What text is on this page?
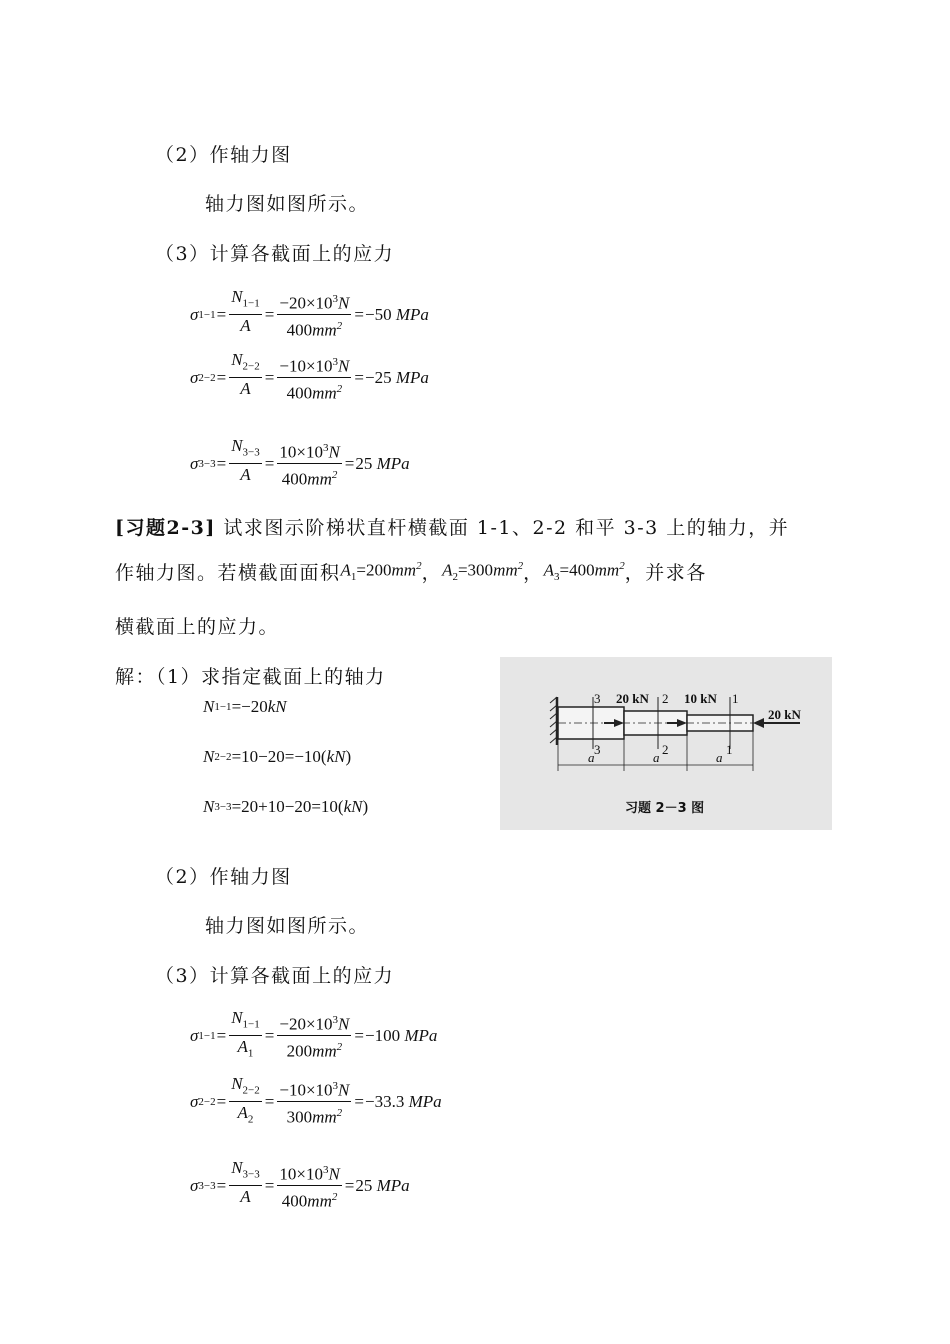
（2）作轴力图
轴力图如图所示。
（3）计算各截面上的应力
σ $1-1 = \frac{N_{1-1}}{A} = \frac{-20\times 10^3N}{400mm^2} = -50$
MPa
σ $2-2 = \frac{N_{2-2}}{A} = \frac{-10\times 10^3N}{400mm^2} = -25$
MPa
σ $3-3 = \frac{N_{3-3}}{A} = \frac{10\times 10^3N}{400mm^2} = 25$
MPa
[习题2-3] 试求图示阶梯状直杆横截面 1-1、2-2 和平 3-3 上的轴力，并
作轴力图。若横截面面积 $A_1=200mm^2$ ， $A_2=300mm^2$ ， $A_3=400mm^2$ ，并求各
横截面上的应力。
解：（1）求指定截面上的轴力
N 1−1 =−20 kN
N 2−2 =10−20=−10( kN )
N 3−3 =20+10−20=10( kN )
3
3
2
2
1
1
20 kN	10 kN
20 kN
a	a	a
习题 2－3 图
（2）作轴力图
轴力图如图所示。
（3）计算各截面上的应力
σ $1-1 = \frac{N_{1-1}}{A_1} = \frac{-20\times 10^3N}{200mm^2} = -100$
MPa
σ $2-2 = \frac{N_{2-2}}{A_2} = \frac{-10\times 10^3N}{300mm^2} = -33.3$
MPa
σ $3-3 = \frac{N_{3-3}}{A} = \frac{10\times 10^3N}{400mm^2} = 25$
MPa
